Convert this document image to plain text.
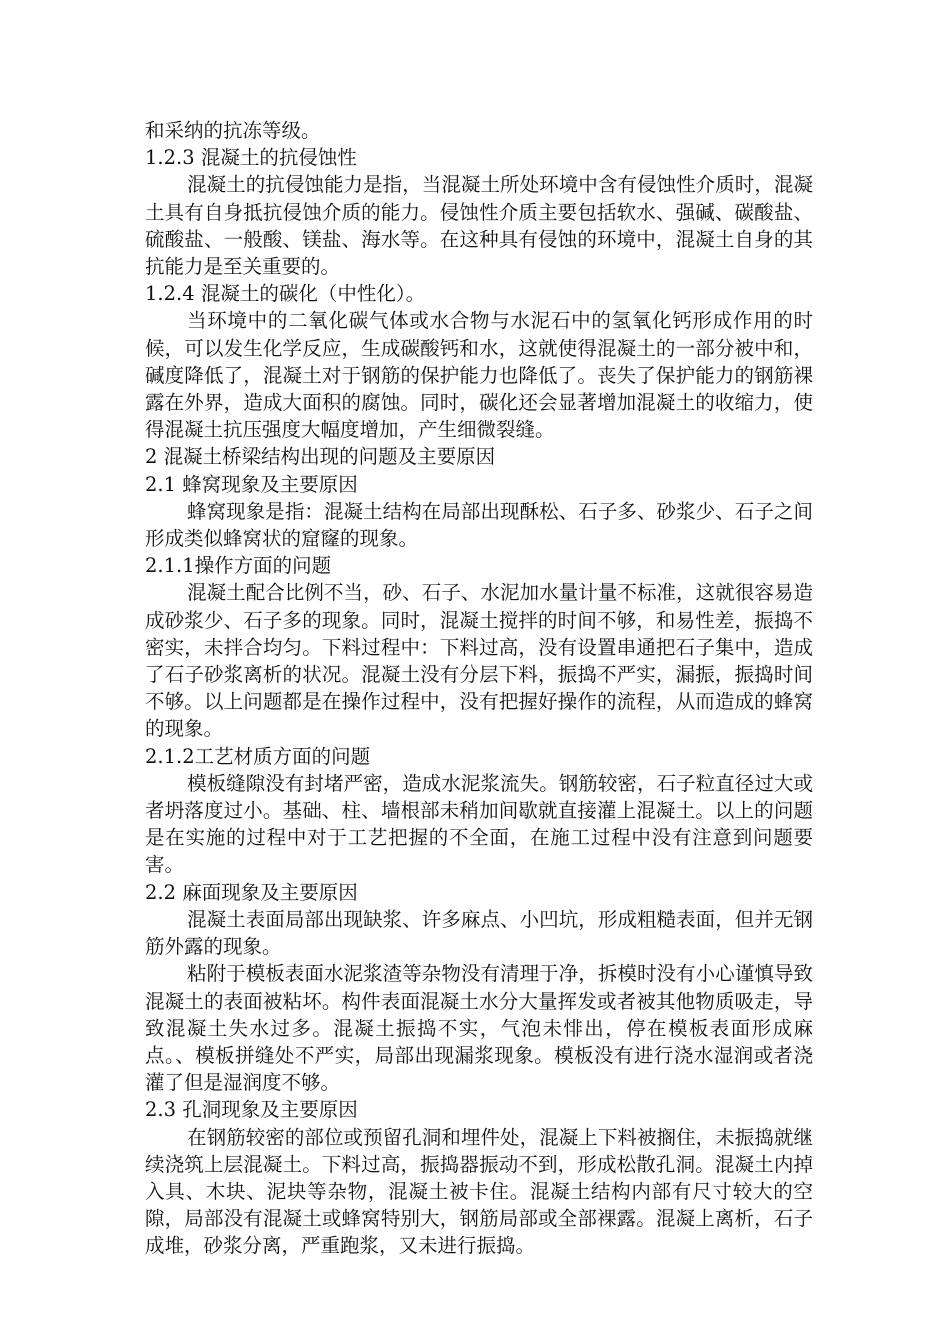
和采纳的抗冻等级。

1.2.3 混凝土的抗侵蚀性

混凝土的抗侵蚀能力是指，当混凝土所处环境中含有侵蚀性介质时，混凝土具有自身抵抗侵蚀介质的能力。侵蚀性介质主要包括软水、强碱、碳酸盐、硫酸盐、一般酸、镁盐、海水等。在这种具有侵蚀的环境中，混凝土自身的其抗能力是至关重要的。

1.2.4 混凝土的碳化（中性化）。

当环境中的二氧化碳气体或水合物与水泥石中的氢氧化钙形成作用的时候，可以发生化学反应，生成碳酸钙和水，这就使得混凝土的一部分被中和，碱度降低了，混凝土对于钢筋的保护能力也降低了。丧失了保护能力的钢筋裸露在外界，造成大面积的腐蚀。同时，碳化还会显著增加混凝土的收缩力，使得混凝土抗压强度大幅度增加，产生细微裂缝。

2 混凝土桥梁结构出现的问题及主要原因

2.1 蜂窝现象及主要原因

蜂窝现象是指：混凝土结构在局部出现酥松、石子多、砂浆少、石子之间形成类似蜂窝状的窟窿的现象。

2.1.1操作方面的问题

混凝土配合比例不当，砂、石子、水泥加水量计量不标准，这就很容易造成砂浆少、石子多的现象。同时，混凝土搅拌的时间不够，和易性差，振捣不密实，未拌合均匀。下料过程中：下料过高，没有设置串通把石子集中，造成了石子砂浆离析的状况。混凝土没有分层下料，振捣不严实，漏振，振捣时间不够。以上问题都是在操作过程中，没有把握好操作的流程，从而造成的蜂窝的现象。

2.1.2工艺材质方面的问题

模板缝隙没有封堵严密，造成水泥浆流失。钢筋较密，石子粒直径过大或者坍落度过小。基础、柱、墙根部未稍加间歇就直接灌上混凝土。以上的问题是在实施的过程中对于工艺把握的不全面，在施工过程中没有注意到问题要害。

2.2 麻面现象及主要原因

混凝土表面局部出现缺浆、许多麻点、小凹坑，形成粗糙表面，但并无钢筋外露的现象。

粘附于模板表面水泥浆渣等杂物没有清理于净，拆模时没有小心谨慎导致混凝土的表面被粘坏。构件表面混凝土水分大量挥发或者被其他物质吸走，导致混凝土失水过多。混凝土振捣不实，气泡未悱出，停在模板表面形成麻点。、模板拼缝处不严实，局部出现漏浆现象。模板没有进行浇水湿润或者浇灌了但是湿润度不够。

2.3 孔洞现象及主要原因

在钢筋较密的部位或预留孔洞和埋件处，混凝上下料被搁住，未振捣就继续浇筑上层混凝土。下料过高，振捣器振动不到，形成松散孔洞。混凝土内掉入具、木块、泥块等杂物，混凝土被卡住。混凝土结构内部有尺寸较大的空隙，局部没有混凝土或蜂窝特别大，钢筋局部或全部裸露。混凝上离析，石子成堆，砂浆分离，严重跑浆，又未进行振捣。
